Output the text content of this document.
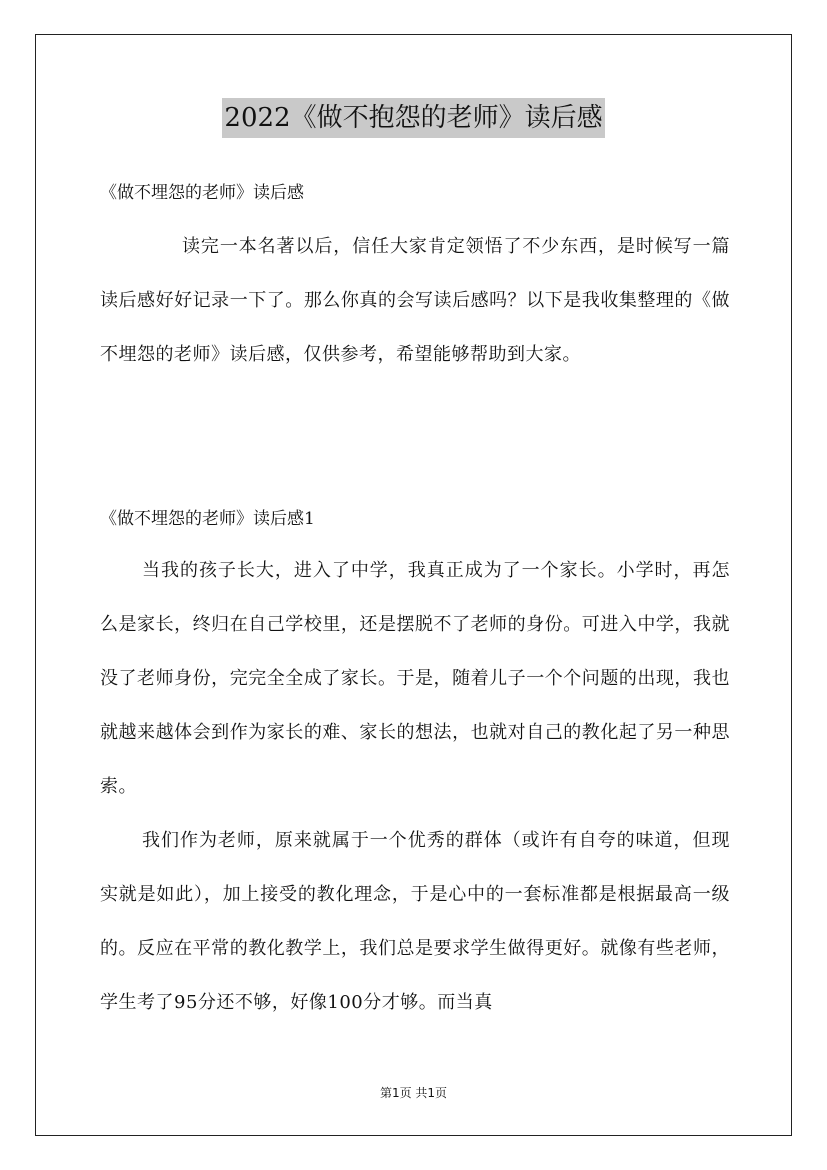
2022《做不抱怨的老师》读后感
《做不埋怨的老师》读后感
读完一本名著以后，信任大家肯定领悟了不少东西，是时候写一篇读后感好好记录一下了。那么你真的会写读后感吗？以下是我收集整理的《做不埋怨的老师》读后感，仅供参考，希望能够帮助到大家。
《做不埋怨的老师》读后感1
当我的孩子长大，进入了中学，我真正成为了一个家长。小学时，再怎么是家长，终归在自己学校里，还是摆脱不了老师的身份。可进入中学，我就没了老师身份，完完全全成了家长。于是，随着儿子一个个问题的出现，我也就越来越体会到作为家长的难、家长的想法，也就对自己的教化起了另一种思索。
我们作为老师，原来就属于一个优秀的群体（或许有自夸的味道，但现实就是如此），加上接受的教化理念，于是心中的一套标准都是根据最高一级的。反应在平常的教化教学上，我们总是要求学生做得更好。就像有些老师，学生考了95分还不够，好像100分才够。而当真
第1页 共1页
